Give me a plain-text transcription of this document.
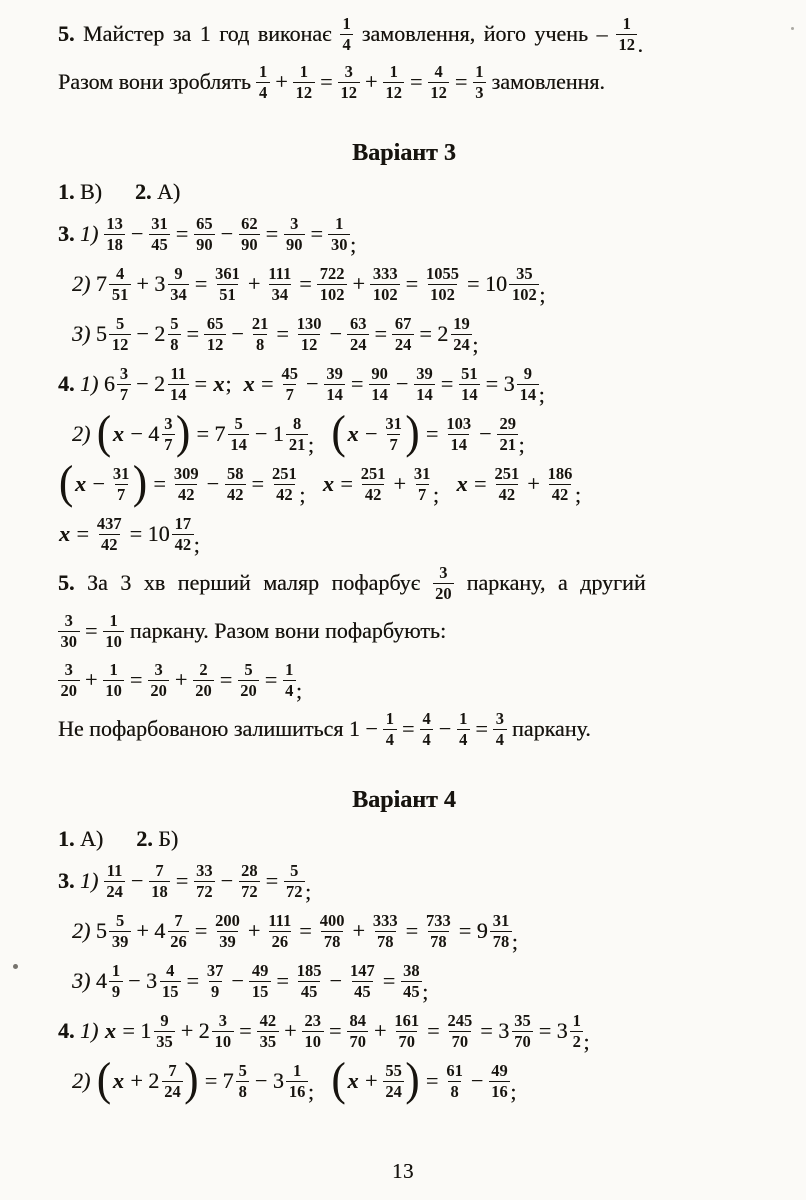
5. Майстер за 1 год виконає $\frac{1}{4}$ замовлення, його учень – $\frac{1}{12}$ .
Разом вони зроблять $\frac{1}{4} + \frac{1}{12} = \frac{3}{12} + \frac{1}{12} = \frac{4}{12} = \frac{1}{3}$ замовлення.
Варіант 3
1. В)
2. А)
3. $1) \frac{13}{18} - \frac{31}{45} = \frac{65}{90} - \frac{62}{90} = \frac{3}{90} = \frac{1}{30}$ ;
2) $7 \frac{4}{51} + 3 \frac{9}{34} = \frac{361}{51} + \frac{111}{34} = \frac{722}{102} + \frac{333}{102} = \frac{1055}{102} = 10 \frac{35}{102}$ ;
3) $5 \frac{5}{12} - 2 \frac{5}{8} = \frac{65}{12} - \frac{21}{8} = \frac{130}{12} - \frac{63}{24} = \frac{67}{24} = 2 \frac{19}{24}$ ;
4. 1) $6 \frac{3}{7} - 2 \frac{11}{14} = x$ ; $x = \frac{45}{7} - \frac{39}{14} = \frac{90}{14} - \frac{39}{14} = \frac{51}{14} = 3 \frac{9}{14}$ ;
2) ( $x - 4 \frac{3}{7}$ ) = $7 \frac{5}{14} - 1 \frac{8}{21}$ ;
( $x - \frac{31}{7}$ ) = $\frac{103}{14} - \frac{29}{21}$ ;
( $x - \frac{31}{7}$ ) = $\frac{309}{42} - \frac{58}{42} = \frac{251}{42}$ ;
$x = \frac{251}{42} + \frac{31}{7}$ ;
$x = \frac{251}{42} + \frac{186}{42}$ ;
$x = \frac{437}{42} = 10 \frac{17}{42}$ ;
5. За 3 хв перший маляр пофарбує $\frac{3}{20}$ паркану, а другий
$\frac{3}{30} = \frac{1}{10}$ паркану. Разом вони пофарбують:
$\frac{3}{20} + \frac{1}{10} = \frac{3}{20} + \frac{2}{20} = \frac{5}{20} = \frac{1}{4}$ ;
Не пофарбованою залишиться $1 - \frac{1}{4} = \frac{4}{4} - \frac{1}{4} = \frac{3}{4}$ паркану.
Варіант 4
1. А)
2. Б)
3. $1) \frac{11}{24} - \frac{7}{18} = \frac{33}{72} - \frac{28}{72} = \frac{5}{72}$ ;
2) $5 \frac{5}{39} + 4 \frac{7}{26} = \frac{200}{39} + \frac{111}{26} = \frac{400}{78} + \frac{333}{78} = \frac{733}{78} = 9 \frac{31}{78}$ ;
3) $4 \frac{1}{9} - 3 \frac{4}{15} = \frac{37}{9} - \frac{49}{15} = \frac{185}{45} - \frac{147}{45} = \frac{38}{45}$ ;
4. 1) $x = 1 \frac{9}{35} + 2 \frac{3}{10} = \frac{42}{35} + \frac{23}{10} = \frac{84}{70} + \frac{161}{70} = \frac{245}{70} = 3 \frac{35}{70} = 3 \frac{1}{2}$ ;
2) ( $x + 2 \frac{7}{24}$ ) = $7 \frac{5}{8} - 3 \frac{1}{16}$ ;
( $x + \frac{55}{24}$ ) = $\frac{61}{8} - \frac{49}{16}$ ;
13
